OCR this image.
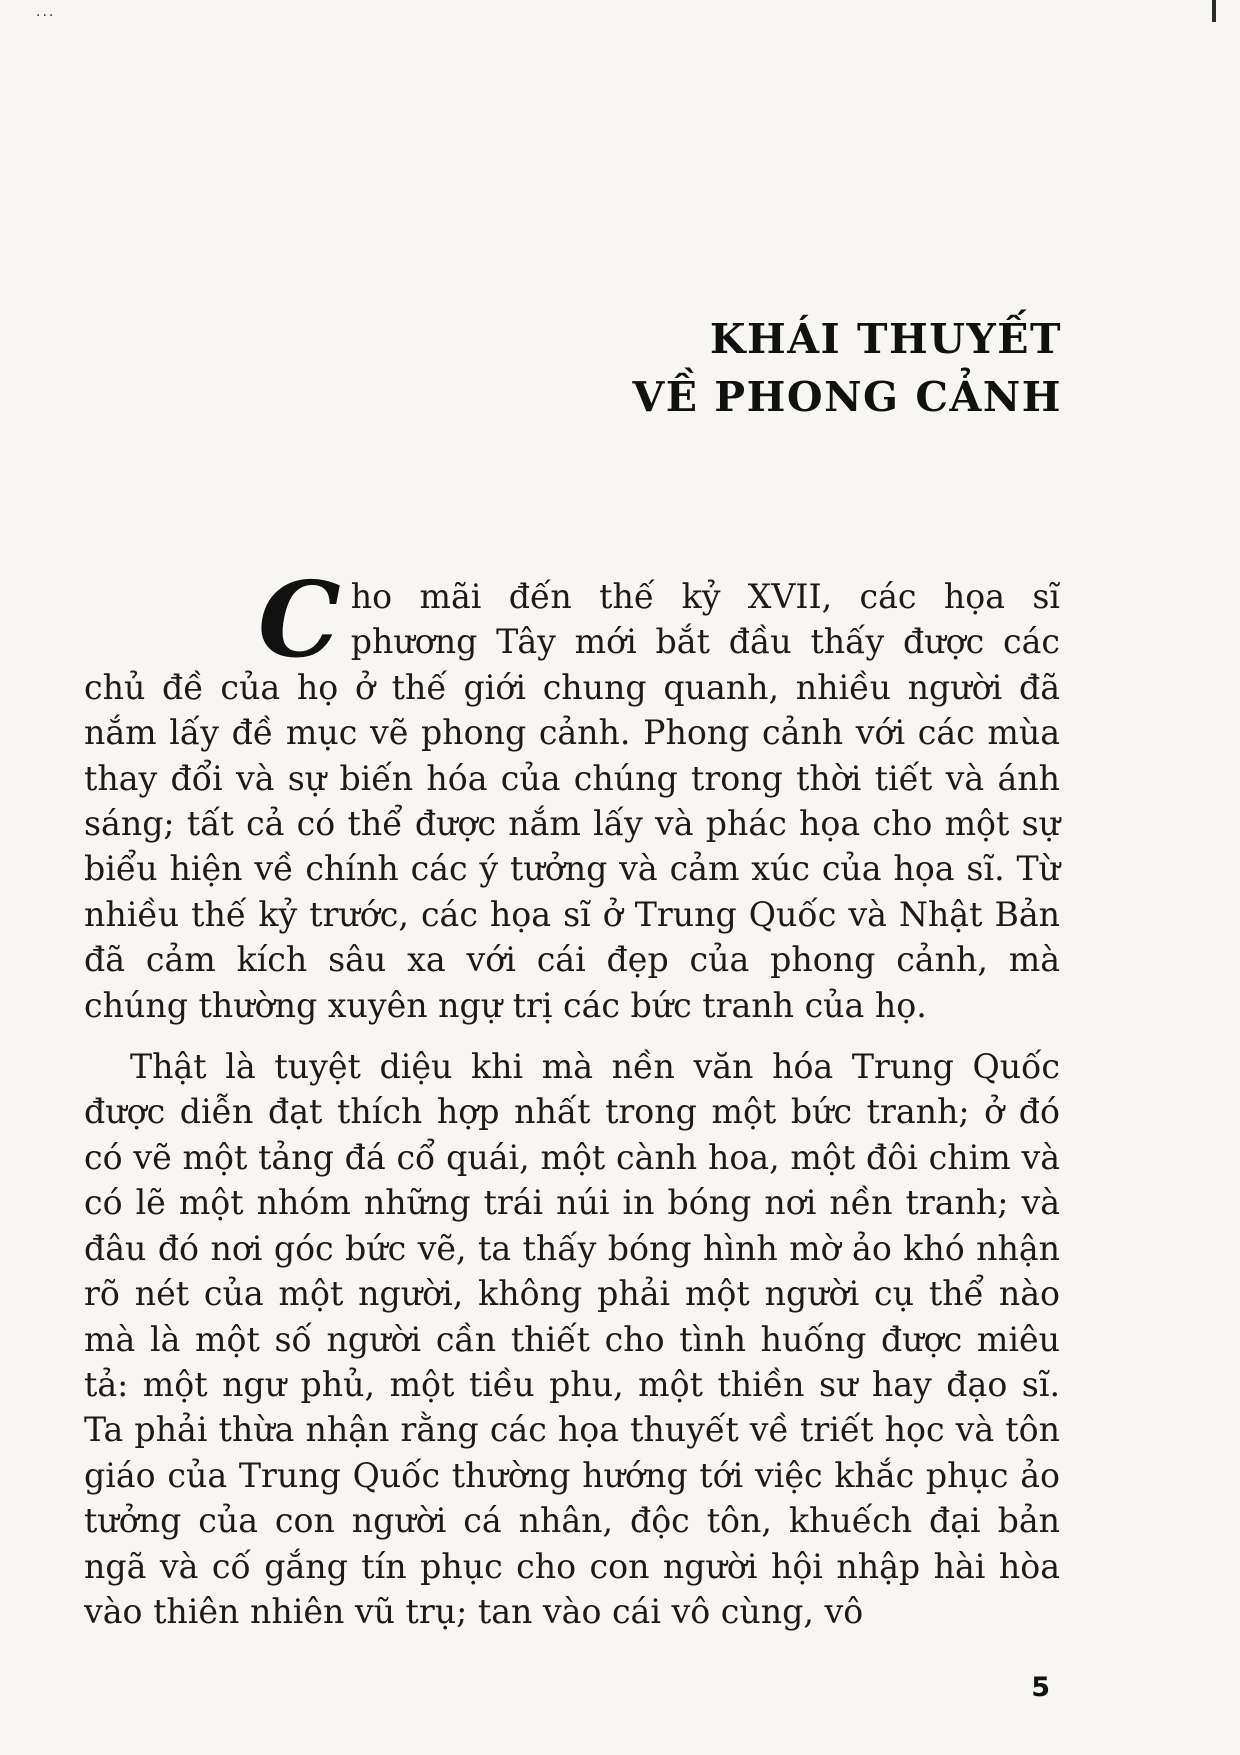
...
KHÁI THUYẾT
VỀ PHONG CẢNH

Cho mãi đến thế kỷ XVII, các họa sĩ phương Tây mới bắt đầu thấy được các chủ đề của họ ở thế giới chung quanh, nhiều người đã nắm lấy đề mục vẽ phong cảnh. Phong cảnh với các mùa thay đổi và sự biến hóa của chúng trong thời tiết và ánh sáng; tất cả có thể được nắm lấy và phác họa cho một sự biểu hiện về chính các ý tưởng và cảm xúc của họa sĩ. Từ nhiều thế kỷ trước, các họa sĩ ở Trung Quốc và Nhật Bản đã cảm kích sâu xa với cái đẹp của phong cảnh, mà chúng thường xuyên ngự trị các bức tranh của họ.

Thật là tuyệt diệu khi mà nền văn hóa Trung Quốc được diễn đạt thích hợp nhất trong một bức tranh; ở đó có vẽ một tảng đá cổ quái, một cành hoa, một đôi chim và có lẽ một nhóm những trái núi in bóng nơi nền tranh; và đâu đó nơi góc bức vẽ, ta thấy bóng hình mờ ảo khó nhận rõ nét của một người, không phải một người cụ thể nào mà là một số người cần thiết cho tình huống được miêu tả: một ngư phủ, một tiều phu, một thiền sư hay đạo sĩ. Ta phải thừa nhận rằng các họa thuyết về triết học và tôn giáo của Trung Quốc thường hướng tới việc khắc phục ảo tưởng của con người cá nhân, độc tôn, khuếch đại bản ngã và cố gắng tín phục cho con người hội nhập hài hòa vào thiên nhiên vũ trụ; tan vào cái vô cùng, vô

5
